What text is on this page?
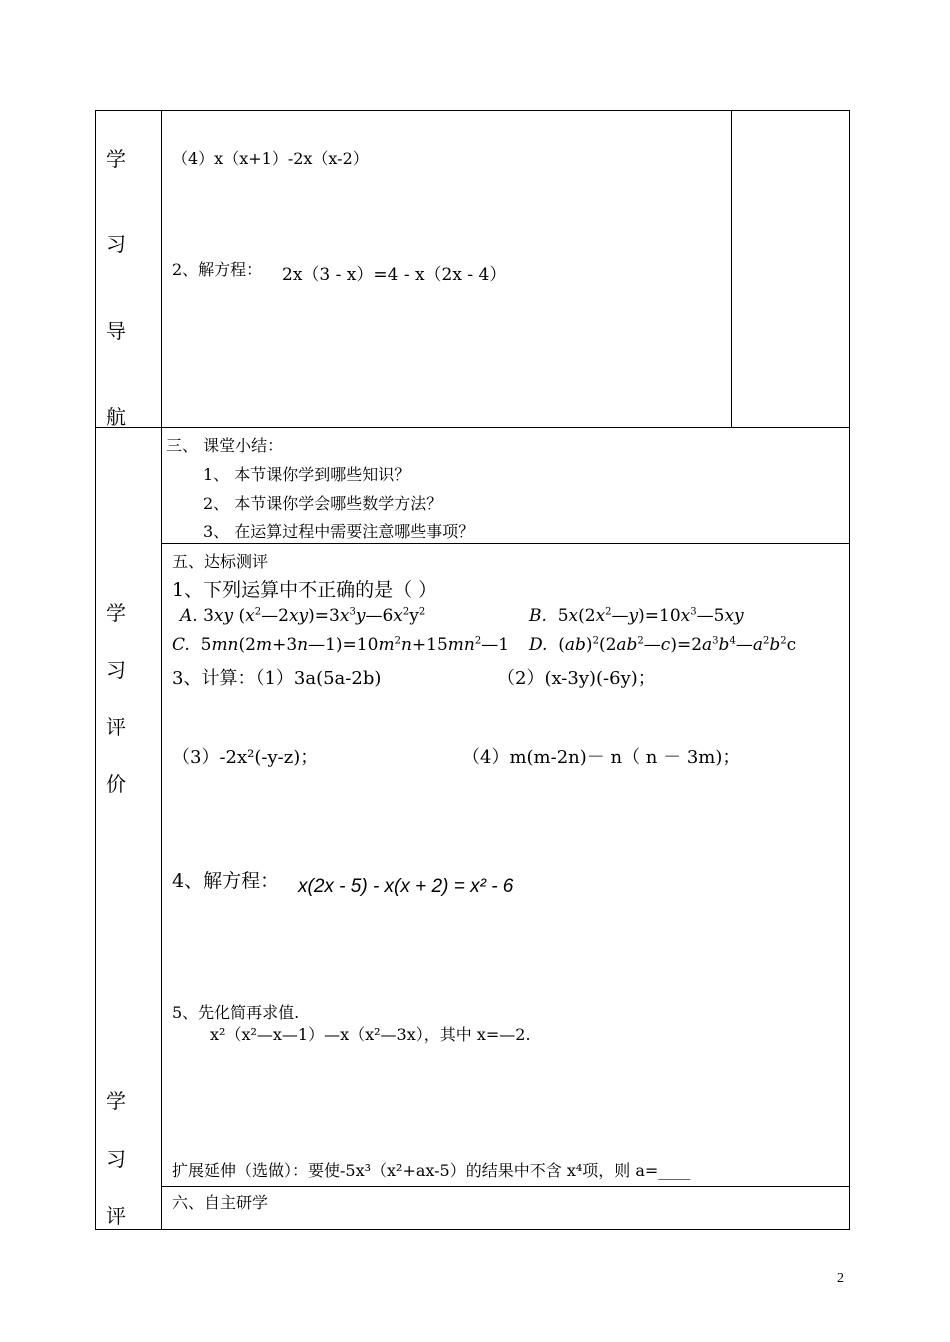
学
习
导
航
（4）x（x+1）-2x（x-2）
2、解方程： 2x（3 - x）=4 - x（2x - 4）
三、 课堂小结：
1、 本节课你学到哪些知识？
2、 本节课你学会哪些数学方法？
3、 在运算过程中需要注意哪些事项？
学
习
评
价
学
习
评
五、达标测评
1、下列运算中不正确的是（ ）
A. 3xy $(x^2—2xy)=3x^3y—6x^2y^2$	B.  $5x(2x^2—y)=10x^3—5xy$
C.  $5mn(2m+3n—1)=10m^2n+15mn^2—1$ D.  $(ab)^2(2ab^2—c)=2a^3b^4—a^2b^2c$
3、计算：（1）3a(5a-2b)	（2）(x-3y)(-6y)；
（3）-2x²(-y-z)；	（4）m(m-2n)－ n（ n － 3m)；
4、解方程： x(2x - 5) - x(x + 2) = x² - 6
5、先化简再求值.
x²（x²—x—1）—x（x²—3x），其中 x=—2.
扩展延伸（选做）：要使-5x³（x²+ax-5）的结果中不含 x⁴项，则 a=____
六、自主研学
2
